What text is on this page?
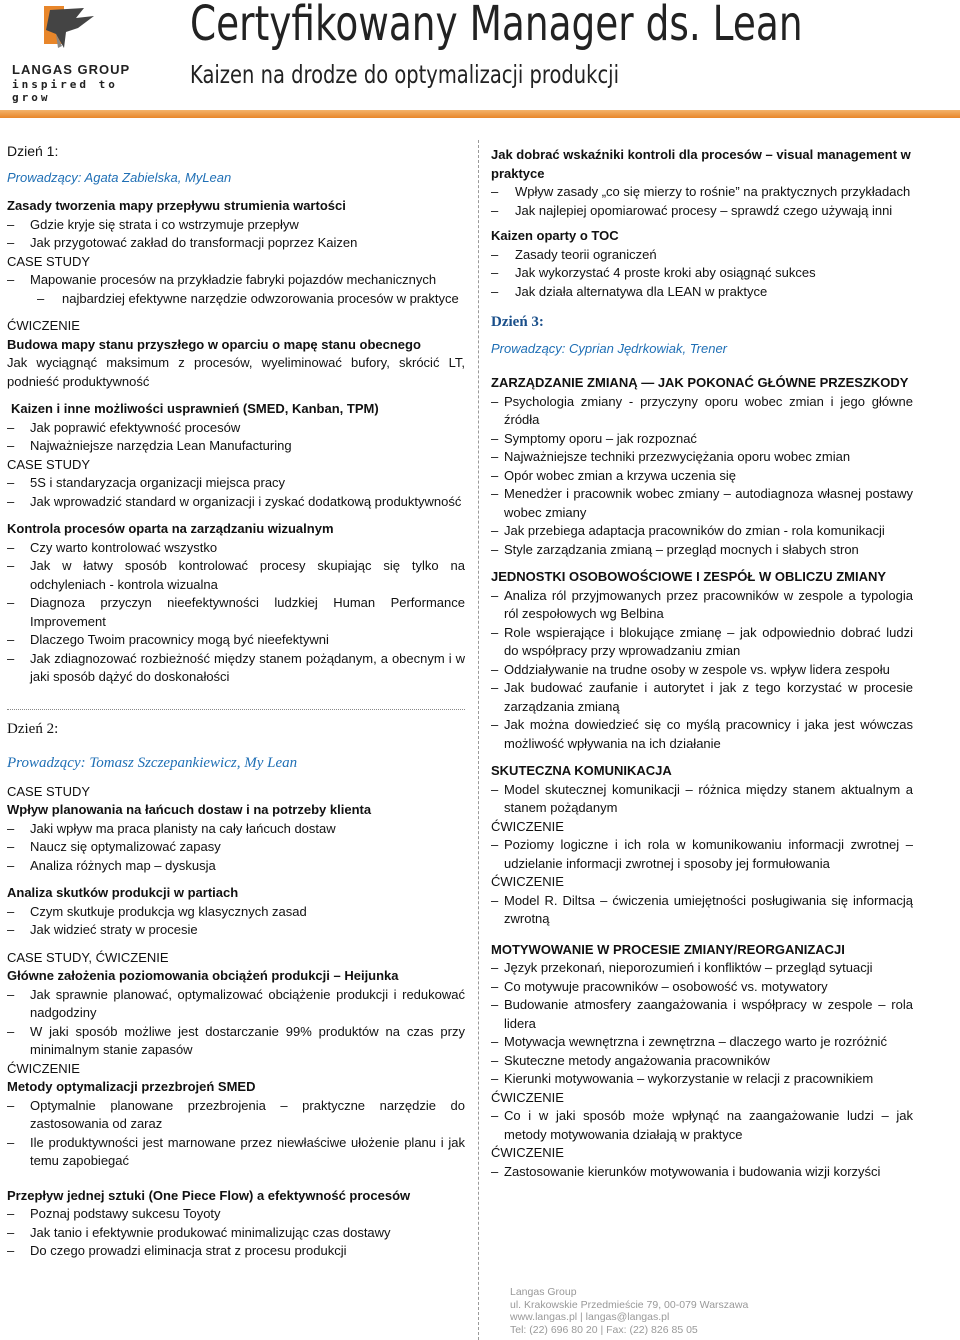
LANGAS GROUP
inspired to grow
Certyfikowany Manager ds. Lean
Kaizen na drodze do optymalizacji produkcji
Dzień 1:
Prowadzący: Agata Zabielska, MyLean
Zasady tworzenia mapy przepływu strumienia wartości
– Gdzie kryje się strata i co wstrzymuje przepływ
– Jak przygotować zakład do transformacji poprzez Kaizen
CASE STUDY
– Mapowanie procesów na przykładzie fabryki pojazdów mechanicznych
– najbardziej efektywne narzędzie odwzorowania procesów w praktyce
ĆWICZENIE
Budowa mapy stanu przyszłego w oparciu o mapę stanu obecnego
Jak wyciągnąć maksimum z procesów, wyeliminować bufory, skrócić LT, podnieść produktywność
Kaizen i inne możliwości usprawnień (SMED, Kanban, TPM)
– Jak poprawić efektywność procesów
– Najważniejsze narzędzia Lean Manufacturing
CASE STUDY
– 5S i standaryzacja organizacji miejsca pracy
– Jak wprowadzić standard w organizacji i zyskać dodatkową produktywność
Kontrola procesów oparta na zarządzaniu wizualnym
– Czy warto kontrolować wszystko
– Jak w łatwy sposób kontrolować procesy skupiając się tylko na odchyleniach - kontrola wizualna
– Diagnoza przyczyn nieefektywności ludzkiej Human Performance Improvement
– Dlaczego Twoim pracownicy mogą być nieefektywni
– Jak zdiagnozować rozbieżność między stanem pożądanym, a obecnym i w jaki sposób dążyć do doskonałości
Dzień 2:
Prowadzący: Tomasz Szczepankiewicz, My Lean
CASE STUDY
Wpływ planowania na łańcuch dostaw i na potrzeby klienta
– Jaki wpływ ma praca planisty na cały łańcuch dostaw
– Naucz się optymalizować zapasy
– Analiza różnych map – dyskusja
Analiza skutków produkcji w partiach
– Czym skutkuje produkcja wg klasycznych zasad
– Jak widzieć straty w procesie
CASE STUDY, ĆWICZENIE
Główne założenia poziomowania obciążeń produkcji – Heijunka
– Jak sprawnie planować, optymalizować obciążenie produkcji i redukować nadgodziny
– W jaki sposób możliwe jest dostarczanie 99% produktów na czas przy minimalnym stanie zapasów
ĆWICZENIE
Metody optymalizacji przezbrojeń SMED
– Optymalnie planowane przezbrojenia – praktyczne narzędzie do zastosowania od zaraz
– Ile produktywności jest marnowane przez niewłaściwe ułożenie planu i jak temu zapobiegać
Przepływ jednej sztuki (One Piece Flow) a efektywność procesów
– Poznaj podstawy sukcesu Toyoty
– Jak tanio i efektywnie produkować minimalizując czas dostawy
– Do czego prowadzi eliminacja strat z procesu produkcji
Jak dobrać wskaźniki kontroli dla procesów – visual management w praktyce
– Wpływ zasady „co się mierzy to rośnie” na praktycznych przykładach
– Jak najlepiej opomiarować procesy – sprawdź czego używają inni
Kaizen oparty o TOC
– Zasady teorii ograniczeń
– Jak wykorzystać 4 proste kroki aby osiągnąć sukces
– Jak działa alternatywa dla LEAN w praktyce
Dzień 3:
Prowadzący: Cyprian Jędrkowiak, Trener
ZARZĄDZANIE ZMIANĄ — JAK POKONAĆ GŁÓWNE PRZESZKODY
– Psychologia zmiany - przyczyny oporu wobec zmian i jego główne źródła
– Symptomy oporu – jak rozpoznać
– Najważniejsze techniki przezwyciężania oporu wobec zmian
– Opór wobec zmian a krzywa uczenia się
– Menedżer i pracownik wobec zmiany – autodiagnoza własnej postawy wobec zmiany
– Jak przebiega adaptacja pracowników do zmian - rola komunikacji
– Style zarządzania zmianą – przegląd mocnych i słabych stron
JEDNOSTKI OSOBOWOŚCIOWE I ZESPÓŁ W OBLICZU ZMIANY
– Analiza ról przyjmowanych przez pracowników w zespole a typologia ról zespołowych wg Belbina
– Role wspierające i blokujące zmianę – jak odpowiednio dobrać ludzi do współpracy przy wprowadzaniu zmian
– Oddziaływanie na trudne osoby w zespole vs. wpływ lidera zespołu
– Jak budować zaufanie i autorytet i jak z tego korzystać w procesie zarządzania zmianą
– Jak można dowiedzieć się co myślą pracownicy i jaka jest wówczas możliwość wpływania na ich działanie
SKUTECZNA KOMUNIKACJA
– Model skutecznej komunikacji – różnica między stanem aktualnym a stanem pożądanym
ĆWICZENIE
– Poziomy logiczne i ich rola w komunikowaniu informacji zwrotnej – udzielanie informacji zwrotnej i sposoby jej formułowania
ĆWICZENIE
– Model R. Diltsa – ćwiczenia umiejętności posługiwania się informacją zwrotną
MOTYWOWANIE W PROCESIE ZMIANY/REORGANIZACJI
– Język przekonań, nieporozumień i konfliktów – przegląd sytuacji
– Co motywuje pracowników – osobowość vs. motywatory
– Budowanie atmosfery zaangażowania i współpracy w zespole – rola lidera
– Motywacja wewnętrzna i zewnętrzna – dlaczego warto je rozróżnić
– Skuteczne metody angażowania pracowników
– Kierunki motywowania – wykorzystanie w relacji z pracownikiem
ĆWICZENIE
– Co i w jaki sposób może wpłynąć na zaangażowanie ludzi – jak metody motywowania działają w praktyce
ĆWICZENIE
– Zastosowanie kierunków motywowania i budowania wizji korzyści
Langas Group
ul. Krakowskie Przedmieście 79, 00-079 Warszawa
www.langas.pl | langas@langas.pl
Tel: (22) 696 80 20 | Fax: (22) 826 85 05
